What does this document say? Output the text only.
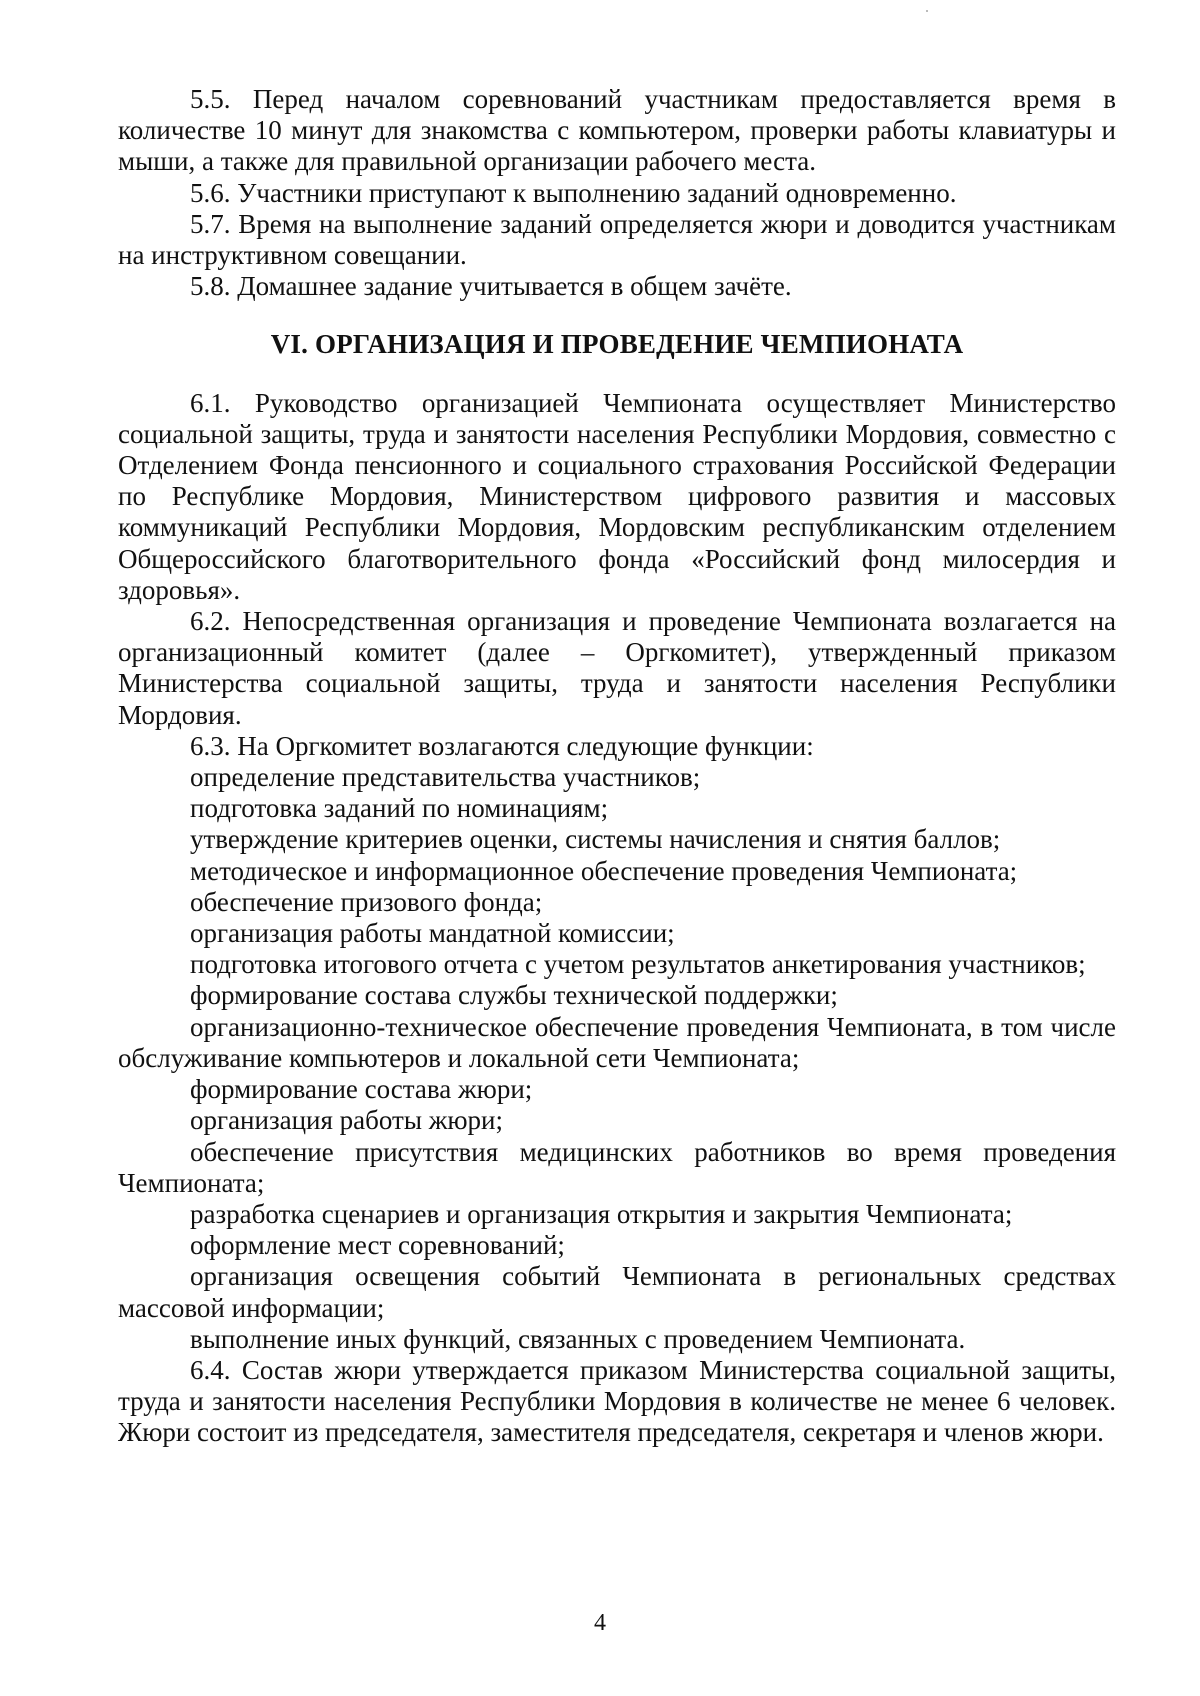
5.5. Перед началом соревнований участникам предоставляется время в количестве 10 минут для знакомства с компьютером, проверки работы клавиатуры и мыши, а также для правильной организации рабочего места.

5.6. Участники приступают к выполнению заданий одновременно.

5.7. Время на выполнение заданий определяется жюри и доводится участникам на инструктивном совещании.

5.8. Домашнее задание учитывается в общем зачёте.

VI. ОРГАНИЗАЦИЯ И ПРОВЕДЕНИЕ ЧЕМПИОНАТА

6.1. Руководство организацией Чемпионата осуществляет Министерство социальной защиты, труда и занятости населения Республики Мордовия, совместно с Отделением Фонда пенсионного и социального страхования Российской Федерации по Республике Мордовия, Министерством цифрового развития и массовых коммуникаций Республики Мордовия, Мордовским республиканским отделением Общероссийского благотворительного фонда «Российский фонд милосердия и здоровья».

6.2. Непосредственная организация и проведение Чемпионата возлагается на организационный комитет (далее – Оргкомитет), утвержденный приказом Министерства социальной защиты, труда и занятости населения Республики Мордовия.

6.3. На Оргкомитет возлагаются следующие функции:

определение представительства участников;

подготовка заданий по номинациям;

утверждение критериев оценки, системы начисления и снятия баллов;

методическое и информационное обеспечение проведения Чемпионата;

обеспечение призового фонда;

организация работы мандатной комиссии;

подготовка итогового отчета с учетом результатов анкетирования участников;

формирование состава службы технической поддержки;

организационно-техническое обеспечение проведения Чемпионата, в том числе обслуживание компьютеров и локальной сети Чемпионата;

формирование состава жюри;

организация работы жюри;

обеспечение присутствия медицинских работников во время проведения Чемпионата;

разработка сценариев и организация открытия и закрытия Чемпионата;

оформление мест соревнований;

организация освещения событий Чемпионата в региональных средствах массовой информации;

выполнение иных функций, связанных с проведением Чемпионата.

6.4. Состав жюри утверждается приказом Министерства социальной защиты, труда и занятости населения Республики Мордовия в количестве не менее 6 человек. Жюри состоит из председателя, заместителя председателя, секретаря и членов жюри.

4
